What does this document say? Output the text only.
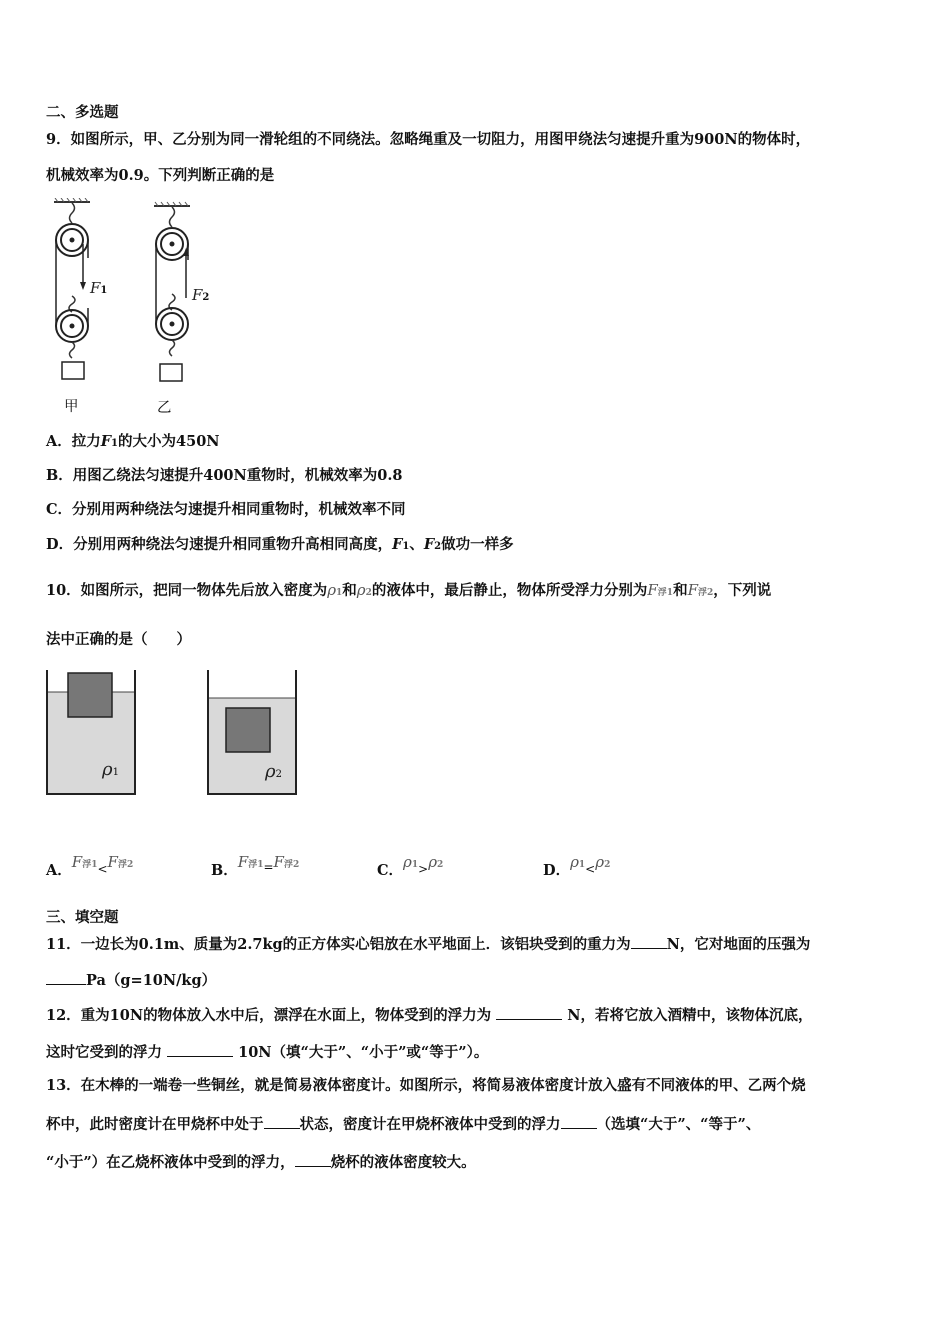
二、多选题
9．如图所示，甲、乙分别为同一滑轮组的不同绕法。忽略绳重及一切阻力，用图甲绕法匀速提升重为900N的物体时，
机械效率为0.9。下列判断正确的是
F1
甲
F2
乙
A．拉力F1的大小为450N
B．用图乙绕法匀速提升400N重物时，机械效率为0.8
C．分别用两种绕法匀速提升相同重物时，机械效率不同
D．分别用两种绕法匀速提升相同重物升高相同高度，F1、F2做功一样多
10．如图所示，把同一物体先后放入密度为ρ1和ρ2的液体中，最后静止，物体所受浮力分别为F浮1和F浮2，下列说
法中正确的是（　　）
ρ1	ρ2
A．F浮$1_<F$浮2	B．F浮$1_=F$浮2	C．$\rho 1_>\rho 2$	D．$\rho 1_<\rho 2$
三、填空题
11．一边长为0.1m、质量为2.7kg的正方体实心铝放在水平地面上．该铝块受到的重力为 N，它对地面的压强为
Pa（g=10N/kg）
12．重为10N的物体放入水中后，漂浮在水面上，物体受到的浮力为	N，若将它放入酒精中，该物体沉底，
这时它受到的浮力	10N（填“大于”、“小于”或“等于”）。
13．在木棒的一端卷一些铜丝，就是简易液体密度计。如图所示，将简易液体密度计放入盛有不同液体的甲、乙两个烧
杯中，此时密度计在甲烧杯中处于 状态，密度计在甲烧杯液体中受到的浮力 （选填“大于”、“等于”、
“小于”）在乙烧杯液体中受到的浮力， 烧杯的液体密度较大。
